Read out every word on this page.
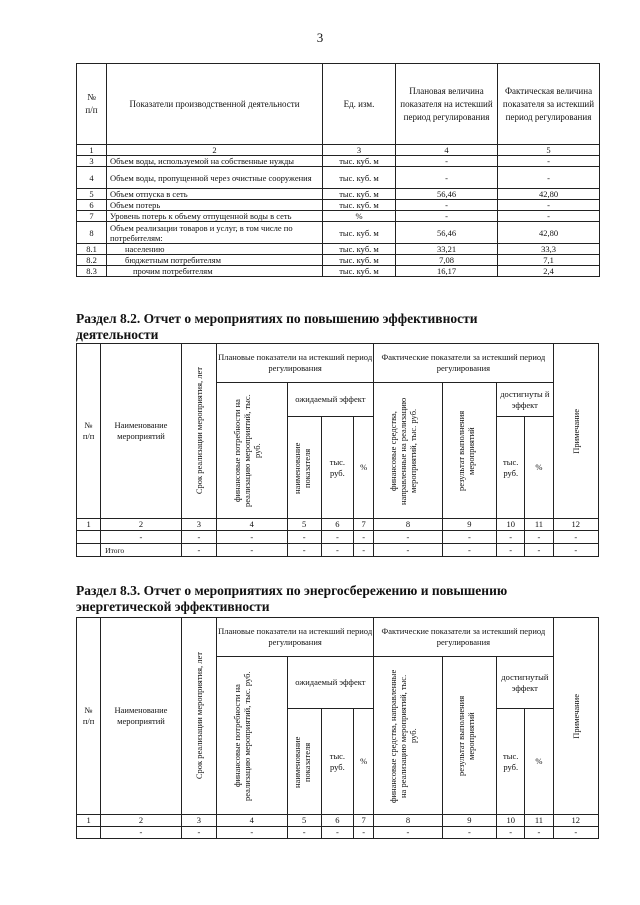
3
№
п/п	Показатели производственной деятельности	Ед. изм.	Плановая величина показателя на истекший период регулирования	Фактическая величина показателя за истекший период регулирования
1	2	3	4	5
3	Объем воды, используемой на собственные нужды	тыс. куб. м	-	-
4	Объем воды, пропущенной через очистные сооружения	тыс. куб. м	-	-
5	Объем отпуска в сеть	тыс. куб. м	56,46	42,80
6	Объем потерь	тыс. куб. м	-	-
7	Уровень потерь к объему отпущенной воды в сеть	%	-	-
8	Объем реализации товаров и услуг, в том числе по потребителям:	тыс. куб. м	56,46	42,80
8.1	населению	тыс. куб. м	33,21	33,3
8.2	бюджетным потребителям	тыс. куб. м	7,08	7,1
8.3	прочим потребителям	тыс. куб. м	16,17	2,4
Раздел 8.2. Отчет о мероприятиях по повышению эффективности
деятельности
№
п/п	Наименование мероприятий	Срок реализации мероприятия, лет	Плановые показатели на истекший период регулирования				Фактические показатели за истекший период регулирования				Примечание

			финансовые потребности на реализацию мероприятий, тыс. руб.	ожидаемый эффект			финансовые средства, направленные на реализацию мероприятий, тыс. руб.	результат выполнения мероприятий	достигнуты й эффект		

				наименование показателя	тыс. руб.	%			тыс. руб.	%	
1	2	3	4	5	6	7	8	9	10	11	12
	-	-	-	-	-	-	-	-	-	-	-
	Итого	-	-	-	-	-	-	-	-	-	-
Раздел 8.3. Отчет о мероприятиях по энергосбережению и повышению
энергетической эффективности
№
п/п	Наименование мероприятий	Срок реализации мероприятия, лет	Плановые показатели на истекший период регулирования				Фактические показатели за истекший период регулирования				Примечание

			финансовые потребности на реализацию мероприятий, тыс. руб.	ожидаемый эффект			финансовые средства, направленные на реализацию мероприятий, тыс. руб.	результат выполнения мероприятий	достигнутый эффект		

				наименование показателя	тыс. руб.	%			тыс. руб.	%	
1	2	3	4	5	6	7	8	9	10	11	12
	-	-	-	-	-	-	-	-	-	-	-
